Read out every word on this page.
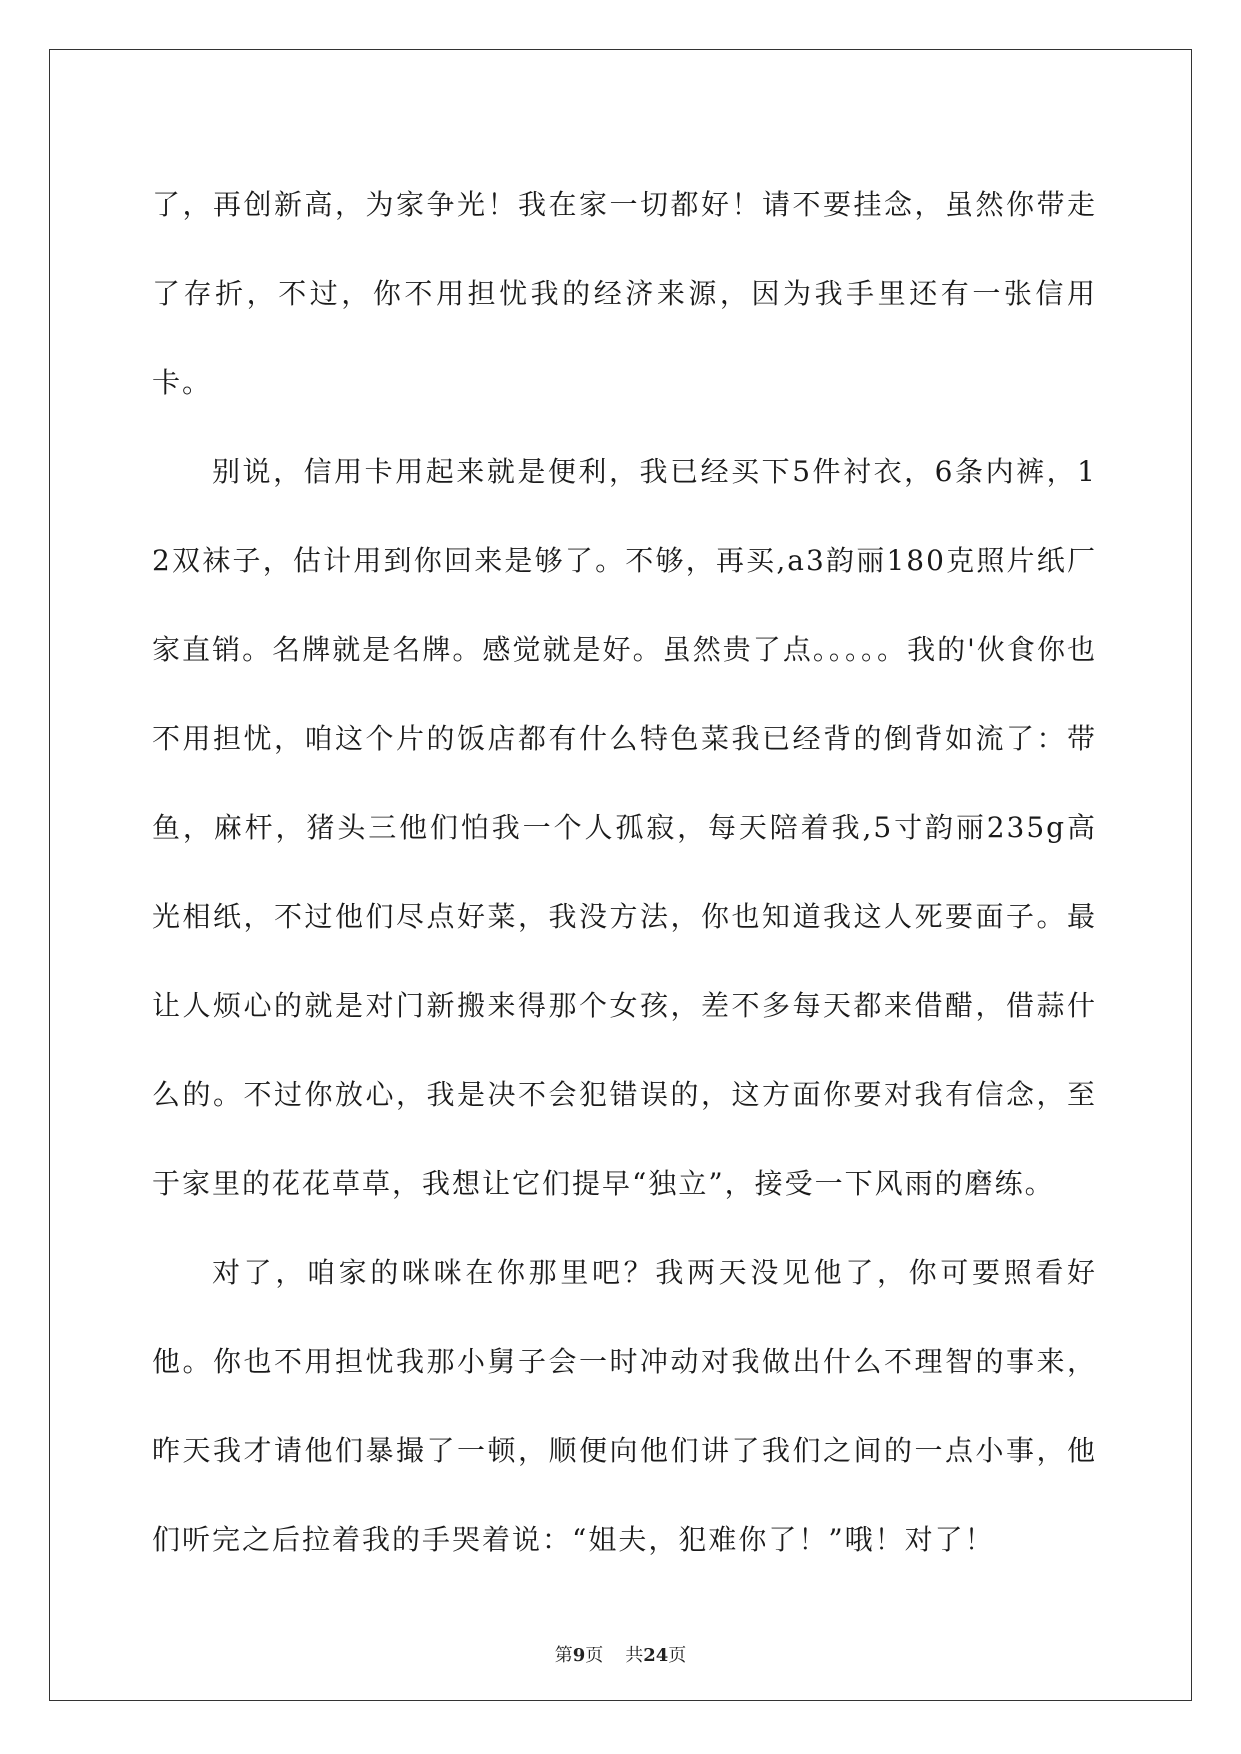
了，再创新高，为家争光！我在家一切都好！请不要挂念，虽然你带走了存折，不过，你不用担忧我的经济来源，因为我手里还有一张信用卡。

别说，信用卡用起来就是便利，我已经买下5件衬衣，6条内裤，12双袜子，估计用到你回来是够了。不够，再买,a3韵丽180克照片纸厂家直销。名牌就是名牌。感觉就是好。虽然贵了点。。。。。我的'伙食你也不用担忧，咱这个片的饭店都有什么特色菜我已经背的倒背如流了：带鱼，麻杆，猪头三他们怕我一个人孤寂，每天陪着我,5寸韵丽235g高光相纸，不过他们尽点好菜，我没方法，你也知道我这人死要面子。最让人烦心的就是对门新搬来得那个女孩，差不多每天都来借醋，借蒜什么的。不过你放心，我是决不会犯错误的，这方面你要对我有信念，至于家里的花花草草，我想让它们提早“独立”，接受一下风雨的磨练。

对了，咱家的咪咪在你那里吧？我两天没见他了，你可要照看好他。你也不用担忧我那小舅子会一时冲动对我做出什么不理智的事来，昨天我才请他们暴撮了一顿，顺便向他们讲了我们之间的一点小事，他们听完之后拉着我的手哭着说：“姐夫，犯难你了！”哦！对了！

第9页 共24页
